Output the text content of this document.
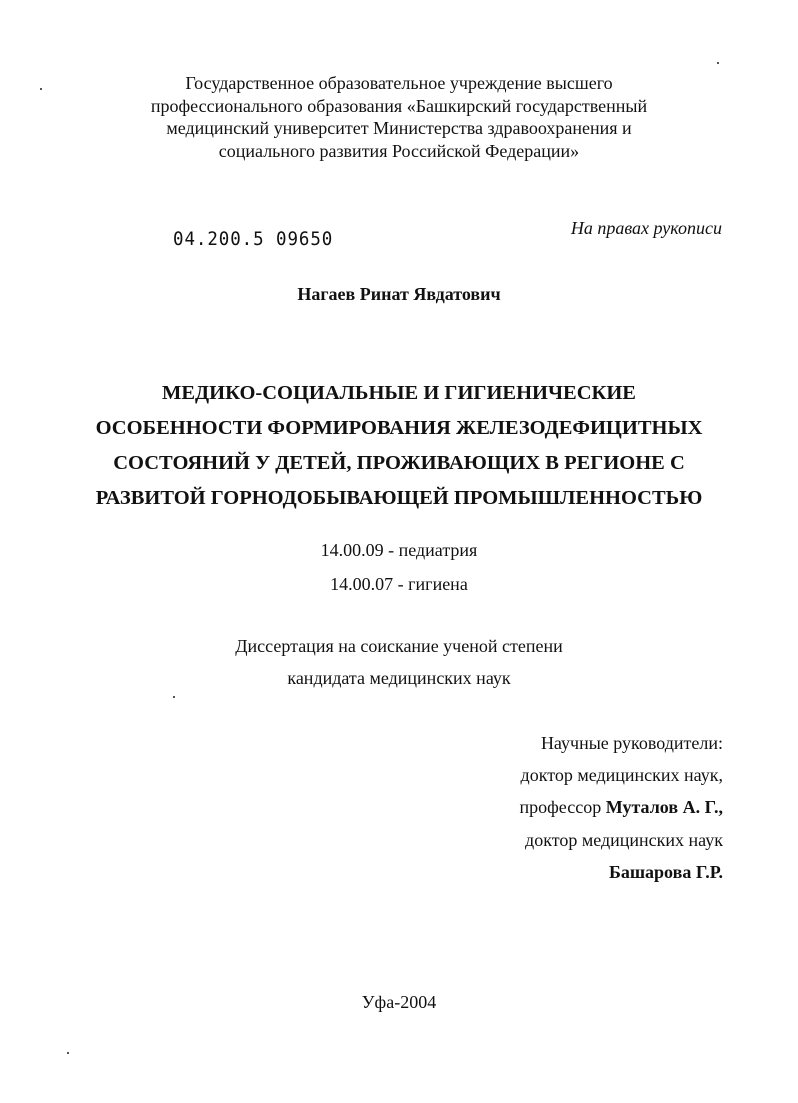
Государственное образовательное учреждение высшего
профессионального образования «Башкирский государственный
медицинский университет Министерства здравоохранения и
социального развития Российской Федерации»
04.200.5 09650	На правах рукописи
Нагаев Ринат Явдатович
МЕДИКО-СОЦИАЛЬНЫЕ И ГИГИЕНИЧЕСКИЕ
ОСОБЕННОСТИ ФОРМИРОВАНИЯ ЖЕЛЕЗОДЕФИЦИТНЫХ
СОСТОЯНИЙ У ДЕТЕЙ, ПРОЖИВАЮЩИХ В РЕГИОНЕ С
РАЗВИТОЙ ГОРНОДОБЫВАЮЩЕЙ ПРОМЫШЛЕННОСТЬЮ
14.00.09 - педиатрия
14.00.07 - гигиена
Диссертация на соискание ученой степени
кандидата медицинских наук
Научные руководители:
доктор медицинских наук,
профессор Муталов А. Г.,
доктор медицинских наук
Башарова Г.Р.
Уфа-2004
